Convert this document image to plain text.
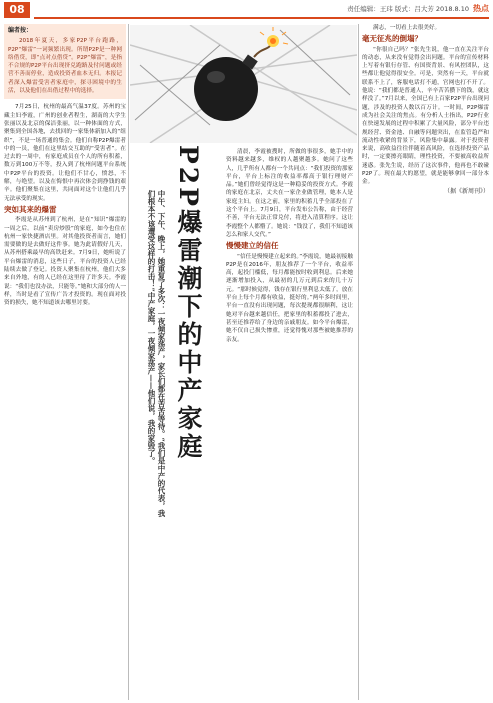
08	责任编辑：王玮 版式：吕大芳 2018.8.10 热点
编者按：

2018年夏天，多家P2P平台跑路，P2P“爆雷”一词频繁出现。所谓P2P是一种网络借贷，即“点对点借贷”。P2P“爆雷”，是指不合规的P2P平台出现挤兑跑路及付问题或经营不善而停业，造成投资者血本无归。本报记者深入爆雷受害者家庭中，探寻困境中的生活，以及他们在出借过程中的选择。

7月25日，杭州的最高气温37度。苏州的宝藏主妇李霞，广州的创业者程生，湖南的大学生张丽以及北京的保洁张丽，以一种体面的方式，聚集到全国各地，去找回的一家集体新加入的“组织”，不是一场普通的集会。他们自称P2P爆雷者中的一员，他们在这里结交互助的“受害者”。在过去的一周中，有家庭成员在个人的所有积蓄，数万到100万不等，投入到了杭州问题平台系统中P2P平台的投资。让他们不甘心，愤怒，不解，与绝望。以及在悔恨中再次体会到挣钱的艰辛。他们聚集在这里，共同面对这个让他们几乎无法承受的现实。

突如其来的爆雷

李霞是从苏州到了杭州，是在“知识”爆雷的一周之后。以前“卖房炒股”的家庭，如今也住在杭州一家快捷酒店里。对其他投资者而言，她们需要做的是去做好这件事。她为此请假好几天，从苏州搭乘最早的高铁赶来。7月9日，她听说了平台爆雷的消息，这些日子，平台的投资人已经陆续去做了登记。投资人聚集在杭州，他们大多来自外地，有的人已经在这里待了许多天。李霞说：“我们也没办法，只能等。”她和大部分的人一样，当时是看了宣传广告才投资的。现在面对投资的损失，她不知道该去哪里讨要。	中午、下午、晚上，她重复了多次：一夜倾家荡产，家长们都在苦苦等待。“我们是中产的代表，我们根本不该遭受这样的打击！”中产家庭，一夜倾家荡产——他们说，我的家毁了。 P2P爆雷潮下的中产家庭	清晨，李霞被搜时，所做的事很多，她手中的资料越来越多，维权的人越聚越多。她问了这些人，几乎所有人都有一个共同点：“我们投资的那家平台，平台上标注的收益率都高于银行理财产品。”她们曾经觉得这是一种稳妥的投资方式。李霞的家庭在北京，丈夫在一家企业做管理，她本人是家庭主妇。在这之前，家里的积蓄几乎全部投在了这个平台上。7月9日，平台发布公告称，由于经营不善，平台无法正常兑付，将进入清算程序。这让李霞整个人都懵了。她说：“钱没了，我们不知道该怎么和家人交代。”

慢慢建立的信任

“信任是慢慢建立起来的。”李霞说，她最初接触P2P是在2016年，朋友推荐了一个平台，收益率高，起投门槛低，每月都能按时收到利息。后来她逐渐增加投入，从最初的几万元到后来的几十万元。“那时候觉得，钱存在银行里利息太低了，放在平台上每个月都有收益，挺好的。”两年多时间里，平台一直没有出现问题，每次提现都很顺利，这让她对平台越来越信任，把家里的积蓄都投了进去，甚至还推荐给了身边的亲戚朋友。如今平台爆雷，她不仅自己损失惨重，还觉得愧对那些被她推荐的亲友。

满志，一切看上去很美好。

毫无征兆的倒塌？

“你很自己吗？”张先生说，他一直在关注平台的动态，从来没有觉得会出问题。平台的宣传材料上写着有银行存管、有国资背景、有风控团队，这些都让他觉得很安全。可是，突然有一天，平台就联系不上了，客服电话打不通，官网也打不开了。他说：“我们都是普通人，辛辛苦苦攒下的钱，就这样没了。”7月以来，全国已有上百家P2P平台出现问题，涉及的投资人数以百万计。一时间，P2P爆雷成为社会关注的焦点。有分析人士指出，P2P行业在快速发展的过程中积累了大量风险，部分平台违规经营、资金池、自融等问题突出，在监管趋严和流动性收紧的背景下，风险集中暴露。对于投资者来说，高收益往往伴随着高风险，在选择投资产品时，一定要擦亮眼睛，理性投资，不要被高收益所迷惑。张先生说，经历了这次事件，他再也不敢碰P2P了。现在最大的愿望，就是能够拿回一部分本金。

（据《新周刊》）
